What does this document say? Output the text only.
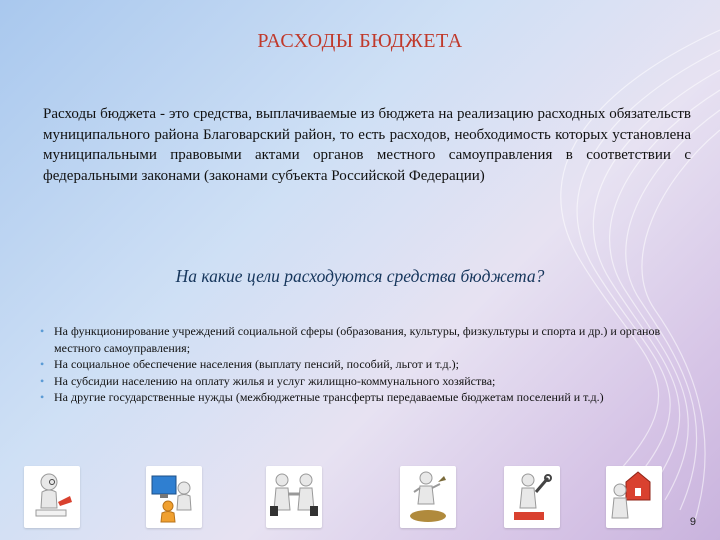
РАСХОДЫ БЮДЖЕТА
Расходы бюджета - это средства, выплачиваемые из бюджета на реализацию расходных обязательств муниципального района Благоварский район, то есть расходов, необходимость которых установлена муниципальными правовыми актами органов местного самоуправления в соответствии с федеральными законами (законами субъекта Российской Федерации)
На какие цели расходуются средства бюджета?
• На функционирование учреждений социальной сферы (образования, культуры, физкультуры и спорта и др.) и органов местного самоуправления;
• На социальное обеспечение населения (выплату пенсий, пособий, льгот и т.д.);
• На субсидии населению на оплату жилья и услуг жилищно-коммунального хозяйства;
• На другие государственные нужды (межбюджетные трансферты передаваемые бюджетам поселений и т.д.)
9
